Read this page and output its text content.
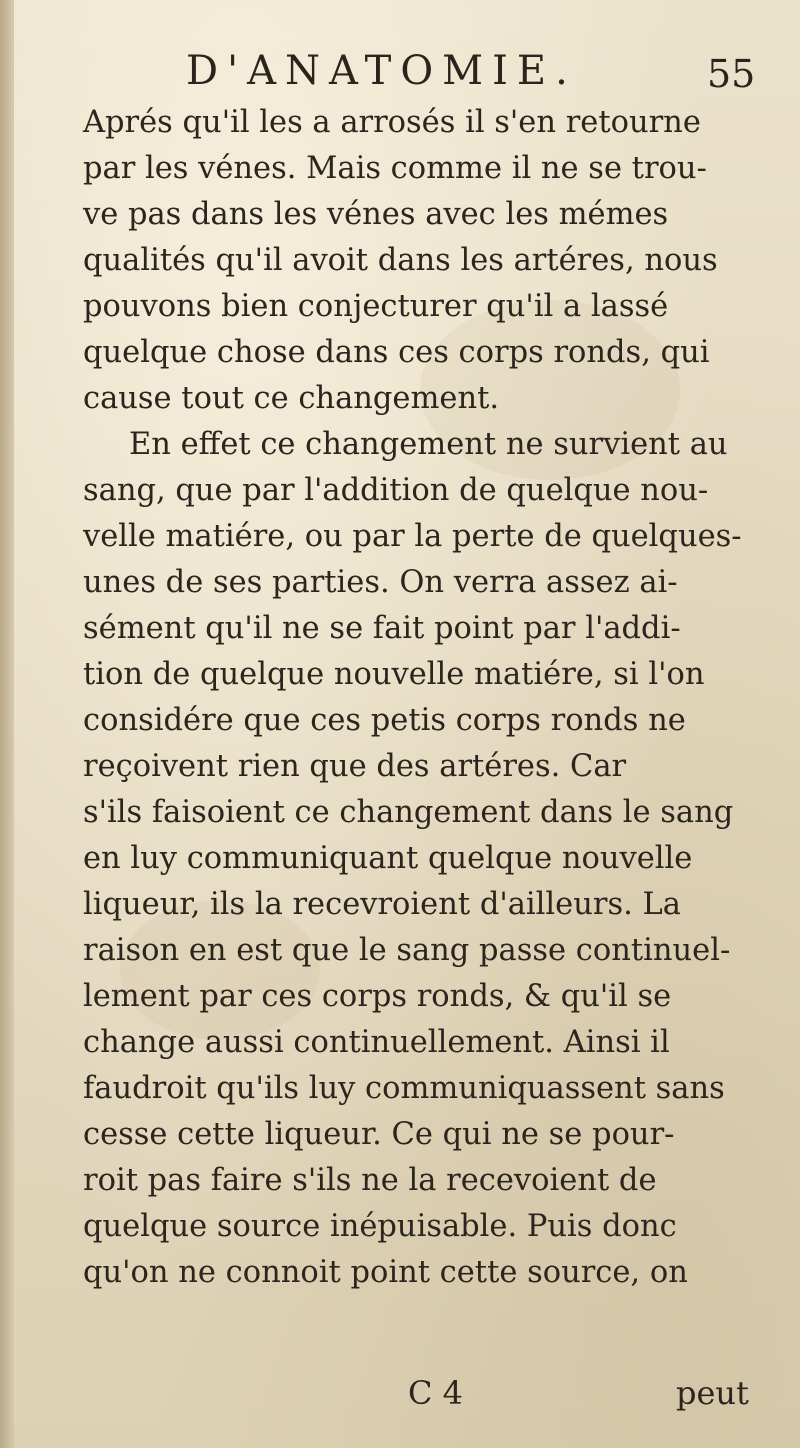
D'ANATOMIE.	55
Aprés qu'il les a arrosés il s'en retourne
par les vénes. Mais comme il ne se trou-
ve pas dans les vénes avec les mémes
qualités qu'il avoit dans les artéres, nous
pouvons bien conjecturer qu'il a lassé
quelque chose dans ces corps ronds, qui
cause tout ce changement.
En effet ce changement ne survient au
sang, que par l'addition de quelque nou-
velle matiére, ou par la perte de quelques-
unes de ses parties. On verra assez ai-
sément qu'il ne se fait point par l'addi-
tion de quelque nouvelle matiére, si l'on
considére que ces petis corps ronds ne
reçoivent rien que des artéres. Car
s'ils faisoient ce changement dans le sang
en luy communiquant quelque nouvelle
liqueur, ils la recevroient d'ailleurs. La
raison en est que le sang passe continuel-
lement par ces corps ronds, & qu'il se
change aussi continuellement. Ainsi il
faudroit qu'ils luy communiquassent sans
cesse cette liqueur. Ce qui ne se pour-
roit pas faire s'ils ne la recevoient de
quelque source inépuisable. Puis donc
qu'on ne connoit point cette source, on
C 4	peut
